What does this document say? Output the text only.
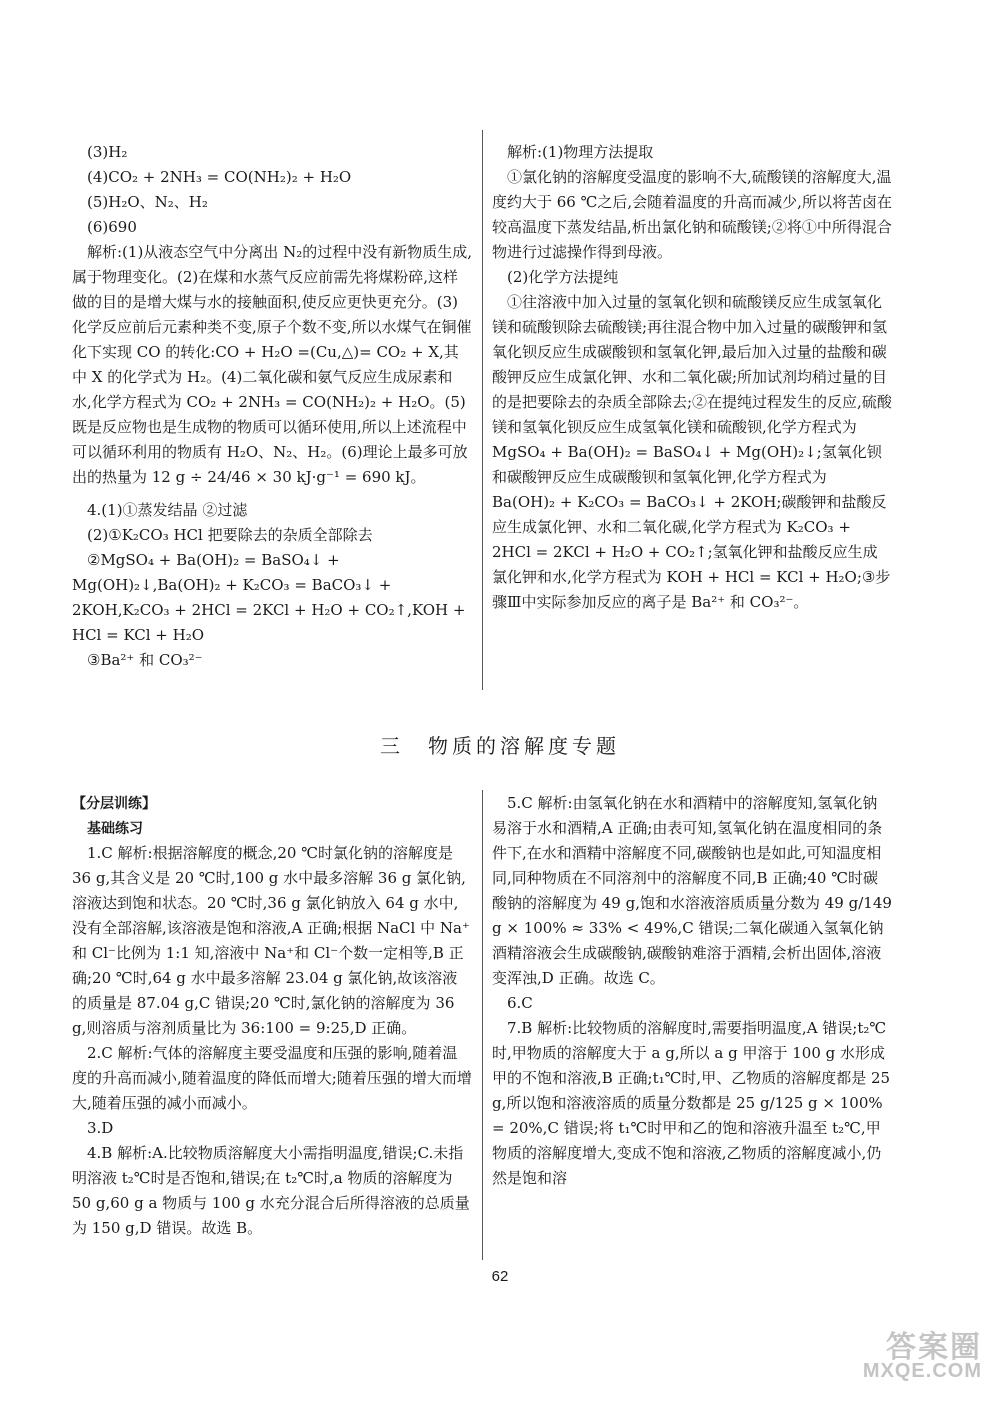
(3)H₂

(4)CO₂ + 2NH₃ = CO(NH₂)₂ + H₂O

(5)H₂O、N₂、H₂

(6)690

解析:(1)从液态空气中分离出 N₂的过程中没有新物质生成,属于物理变化。(2)在煤和水蒸气反应前需先将煤粉碎,这样做的目的是增大煤与水的接触面积,使反应更快更充分。(3)化学反应前后元素种类不变,原子个数不变,所以水煤气在铜催化下实现 CO 的转化:CO + H₂O =(Cu,△)= CO₂ + X,其中 X 的化学式为 H₂。(4)二氧化碳和氨气反应生成尿素和水,化学方程式为 CO₂ + 2NH₃ = CO(NH₂)₂ + H₂O。(5)既是反应物也是生成物的物质可以循环使用,所以上述流程中可以循环利用的物质有 H₂O、N₂、H₂。(6)理论上最多可放出的热量为 12 g ÷ 24/46 × 30 kJ·g⁻¹ = 690 kJ。

4.(1)①蒸发结晶 ②过滤

(2)①K₂CO₃ HCl 把要除去的杂质全部除去

②MgSO₄ + Ba(OH)₂ = BaSO₄↓ + Mg(OH)₂↓,Ba(OH)₂ + K₂CO₃ = BaCO₃↓ + 2KOH,K₂CO₃ + 2HCl = 2KCl + H₂O + CO₂↑,KOH + HCl = KCl + H₂O

③Ba²⁺ 和 CO₃²⁻

解析:(1)物理方法提取

①氯化钠的溶解度受温度的影响不大,硫酸镁的溶解度大,温度约大于 66 ℃之后,会随着温度的升高而减少,所以将苦卤在较高温度下蒸发结晶,析出氯化钠和硫酸镁;②将①中所得混合物进行过滤操作得到母液。

(2)化学方法提纯

①往溶液中加入过量的氢氧化钡和硫酸镁反应生成氢氧化镁和硫酸钡除去硫酸镁;再往混合物中加入过量的碳酸钾和氢氧化钡反应生成碳酸钡和氢氧化钾,最后加入过量的盐酸和碳酸钾反应生成氯化钾、水和二氧化碳;所加试剂均稍过量的目的是把要除去的杂质全部除去;②在提纯过程发生的反应,硫酸镁和氢氧化钡反应生成氢氧化镁和硫酸钡,化学方程式为 MgSO₄ + Ba(OH)₂ = BaSO₄↓ + Mg(OH)₂↓;氢氧化钡和碳酸钾反应生成碳酸钡和氢氧化钾,化学方程式为 Ba(OH)₂ + K₂CO₃ = BaCO₃↓ + 2KOH;碳酸钾和盐酸反应生成氯化钾、水和二氧化碳,化学方程式为 K₂CO₃ + 2HCl = 2KCl + H₂O + CO₂↑;氢氧化钾和盐酸反应生成氯化钾和水,化学方程式为 KOH + HCl = KCl + H₂O;③步骤Ⅲ中实际参加反应的离子是 Ba²⁺ 和 CO₃²⁻。

三　物质的溶解度专题

【分层训练】

基础练习

1.C 解析:根据溶解度的概念,20 ℃时氯化钠的溶解度是 36 g,其含义是 20 ℃时,100 g 水中最多溶解 36 g 氯化钠,溶液达到饱和状态。20 ℃时,36 g 氯化钠放入 64 g 水中,没有全部溶解,该溶液是饱和溶液,A 正确;根据 NaCl 中 Na⁺和 Cl⁻比例为 1:1 知,溶液中 Na⁺和 Cl⁻个数一定相等,B 正确;20 ℃时,64 g 水中最多溶解 23.04 g 氯化钠,故该溶液的质量是 87.04 g,C 错误;20 ℃时,氯化钠的溶解度为 36 g,则溶质与溶剂质量比为 36:100 = 9:25,D 正确。

2.C 解析:气体的溶解度主要受温度和压强的影响,随着温度的升高而减小,随着温度的降低而增大;随着压强的增大而增大,随着压强的减小而减小。

3.D

4.B 解析:A.比较物质溶解度大小需指明温度,错误;C.未指明溶液 t₂℃时是否饱和,错误;在 t₂℃时,a 物质的溶解度为 50 g,60 g a 物质与 100 g 水充分混合后所得溶液的总质量为 150 g,D 错误。故选 B。

5.C 解析:由氢氧化钠在水和酒精中的溶解度知,氢氧化钠易溶于水和酒精,A 正确;由表可知,氢氧化钠在温度相同的条件下,在水和酒精中溶解度不同,碳酸钠也是如此,可知温度相同,同种物质在不同溶剂中的溶解度不同,B 正确;40 ℃时碳酸钠的溶解度为 49 g,饱和水溶液溶质质量分数为 49 g/149 g × 100% ≈ 33% < 49%,C 错误;二氧化碳通入氢氧化钠酒精溶液会生成碳酸钠,碳酸钠难溶于酒精,会析出固体,溶液变浑浊,D 正确。故选 C。

6.C

7.B 解析:比较物质的溶解度时,需要指明温度,A 错误;t₂℃时,甲物质的溶解度大于 a g,所以 a g 甲溶于 100 g 水形成甲的不饱和溶液,B 正确;t₁℃时,甲、乙物质的溶解度都是 25 g,所以饱和溶液溶质的质量分数都是 25 g/125 g × 100% = 20%,C 错误;将 t₁℃时甲和乙的饱和溶液升温至 t₂℃,甲物质的溶解度增大,变成不饱和溶液,乙物质的溶解度减小,仍然是饱和溶

62
答案圈
MXQE.COM
